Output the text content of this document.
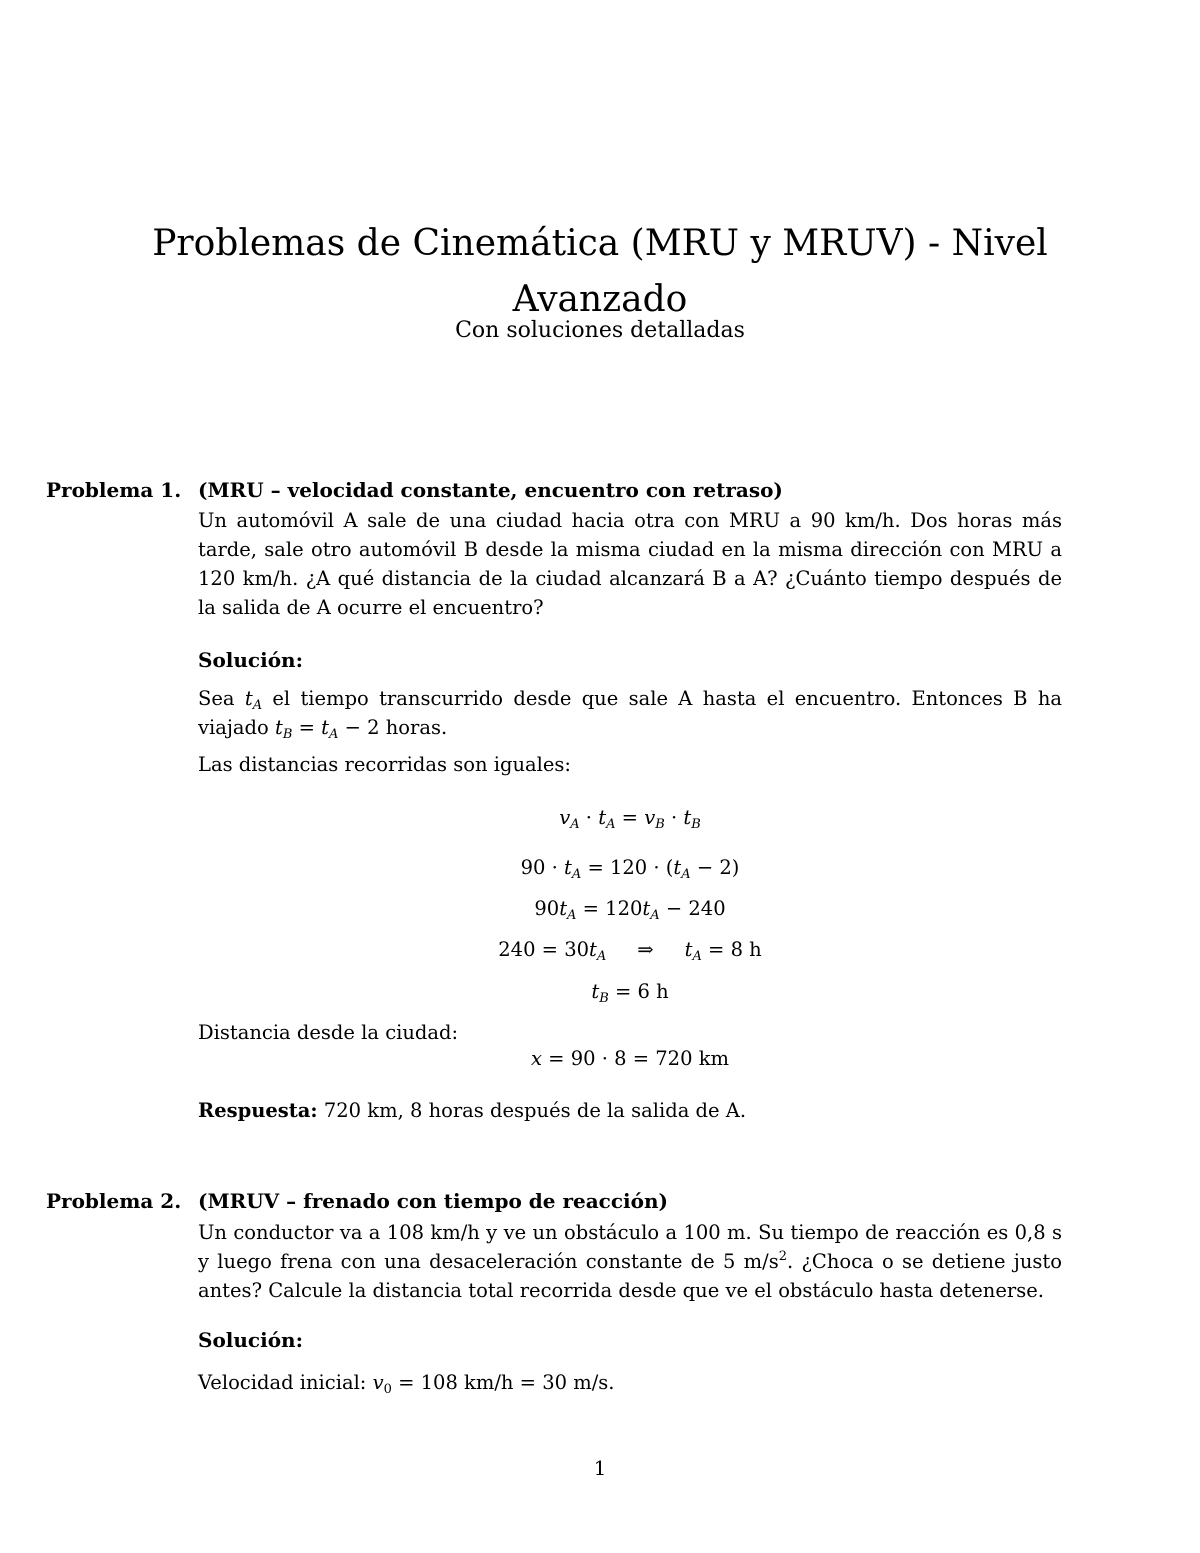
Problemas de Cinemática (MRU y MRUV) - Nivel Avanzado
Con soluciones detalladas
Problema 1. (MRU – velocidad constante, encuentro con retraso)
Un automóvil A sale de una ciudad hacia otra con MRU a 90 km/h. Dos horas más tarde, sale otro automóvil B desde la misma ciudad en la misma dirección con MRU a 120 km/h. ¿A qué distancia de la ciudad alcanzará B a A? ¿Cuánto tiempo después de la salida de A ocurre el encuentro?
Solución:
Sea $t_A$ el tiempo transcurrido desde que sale A hasta el encuentro. Entonces B ha viajado $t_B = t_A - 2$ horas.
Las distancias recorridas son iguales:
$v_A \cdot t_A = v_B \cdot t_B$
$90 \cdot t_A = 120 \cdot (t_A - 2)$
$90t_A = 120t_A - 240$
$240 = 30t_A$     ⇒     $t_A = 8$ h
$t_B = 6$ h
Distancia desde la ciudad:
x = 90 · 8 = 720 km
Respuesta: 720 km, 8 horas después de la salida de A.
Problema 2. (MRUV – frenado con tiempo de reacción)
Un conductor va a 108 km/h y ve un obstáculo a 100 m. Su tiempo de reacción es 0,8 s y luego frena con una desaceleración constante de 5 $m/s^2$. ¿Choca o se detiene justo antes? Calcule la distancia total recorrida desde que ve el obstáculo hasta detenerse.
Solución:
Velocidad inicial: $v_0 = 108$ km/h = 30 m/s.
1
